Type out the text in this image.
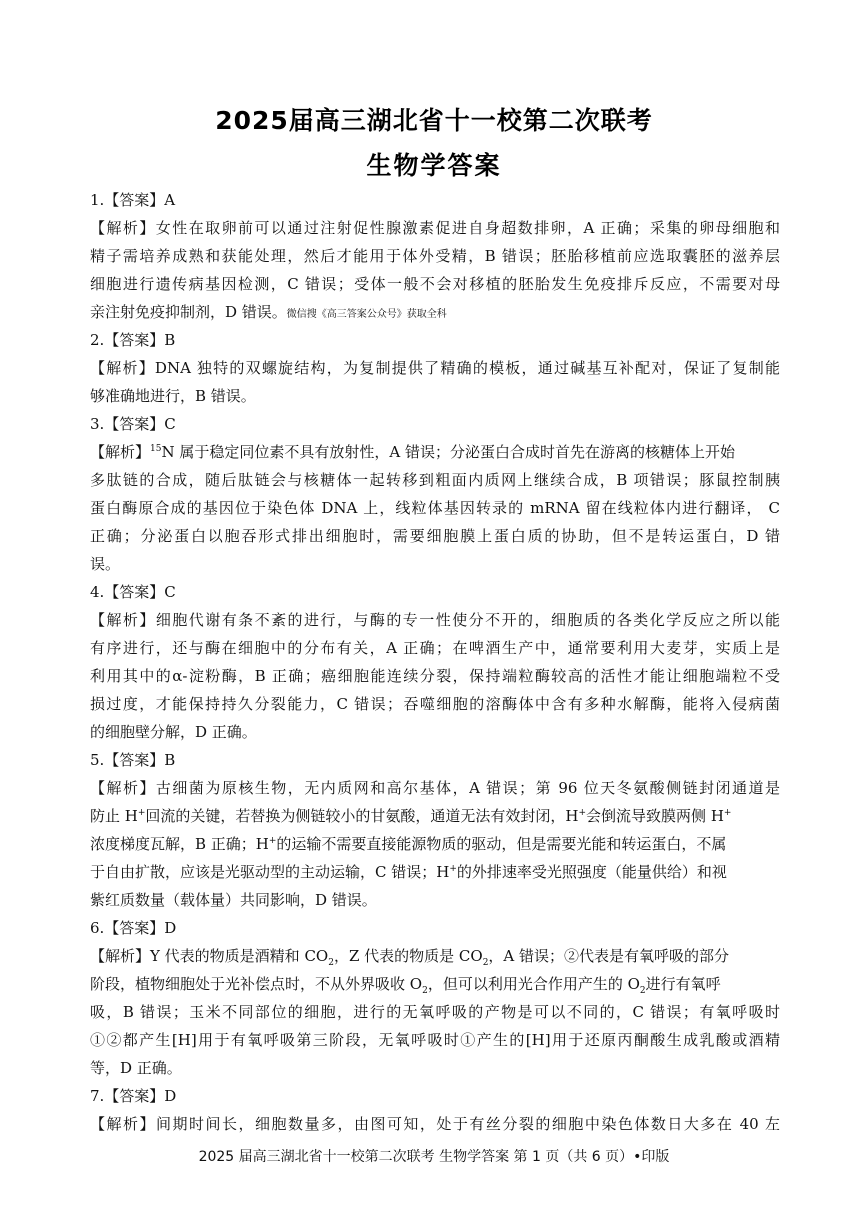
2025届高三湖北省十一校第二次联考
生物学答案
1.【答案】A
【解析】女性在取卵前可以通过注射促性腺激素促进自身超数排卵，A 正确；采集的卵母细胞和
精子需培养成熟和获能处理，然后才能用于体外受精，B 错误；胚胎移植前应选取囊胚的滋养层
细胞进行遗传病基因检测，C 错误；受体一般不会对移植的胚胎发生免疫排斥反应，不需要对母
亲注射免疫抑制剂，D 错误。微信搜《高三答案公众号》获取全科
2.【答案】B
【解析】DNA 独特的双螺旋结构，为复制提供了精确的模板，通过碱基互补配对，保证了复制能
够准确地进行，B 错误。
3.【答案】C
【解析】$^{15}$N 属于稳定同位素不具有放射性，A 错误；分泌蛋白合成时首先在游离的核糖体上开始
多肽链的合成，随后肽链会与核糖体一起转移到粗面内质网上继续合成，B 项错误；豚鼠控制胰
蛋白酶原合成的基因位于染色体 DNA 上，线粒体基因转录的 mRNA 留在线粒体内进行翻译， C
正确；分泌蛋白以胞吞形式排出细胞时，需要细胞膜上蛋白质的协助，但不是转运蛋白，D 错
误。
4.【答案】C
【解析】细胞代谢有条不紊的进行，与酶的专一性使分不开的，细胞质的各类化学反应之所以能
有序进行，还与酶在细胞中的分布有关，A 正确；在啤酒生产中，通常要利用大麦芽，实质上是
利用其中的α-淀粉酶，B 正确；癌细胞能连续分裂，保持端粒酶较高的活性才能让细胞端粒不受
损过度，才能保持持久分裂能力，C 错误；吞噬细胞的溶酶体中含有多种水解酶，能将入侵病菌
的细胞壁分解，D 正确。
5.【答案】B
【解析】古细菌为原核生物，无内质网和高尔基体，A 错误；第 96 位天冬氨酸侧链封闭通道是
防止 H+回流的关键，若替换为侧链较小的甘氨酸，通道无法有效封闭，H+会倒流导致膜两侧 H+
浓度梯度瓦解，B 正确；H+的运输不需要直接能源物质的驱动，但是需要光能和转运蛋白，不属
于自由扩散，应该是光驱动型的主动运输，C 错误；H+的外排速率受光照强度（能量供给）和视
紫红质数量（载体量）共同影响，D 错误。
6.【答案】D
【解析】Y 代表的物质是酒精和 $CO_2$，Z 代表的物质是 $CO_2$，A 错误；②代表是有氧呼吸的部分
阶段，植物细胞处于光补偿点时，不从外界吸收 $O_2$，但可以利用光合作用产生的 $O_2$进行有氧呼
吸，B 错误；玉米不同部位的细胞，进行的无氧呼吸的产物是可以不同的，C 错误；有氧呼吸时
①②都产生[H]用于有氧呼吸第三阶段，无氧呼吸时①产生的[H]用于还原丙酮酸生成乳酸或酒精
等，D 正确。
7.【答案】D
【解析】间期时间长，细胞数量多，由图可知，处于有丝分裂的细胞中染色体数日大多在 40 左
2025 届高三湖北省十一校第二次联考 生物学答案 第 1 页（共 6 页）•印版
